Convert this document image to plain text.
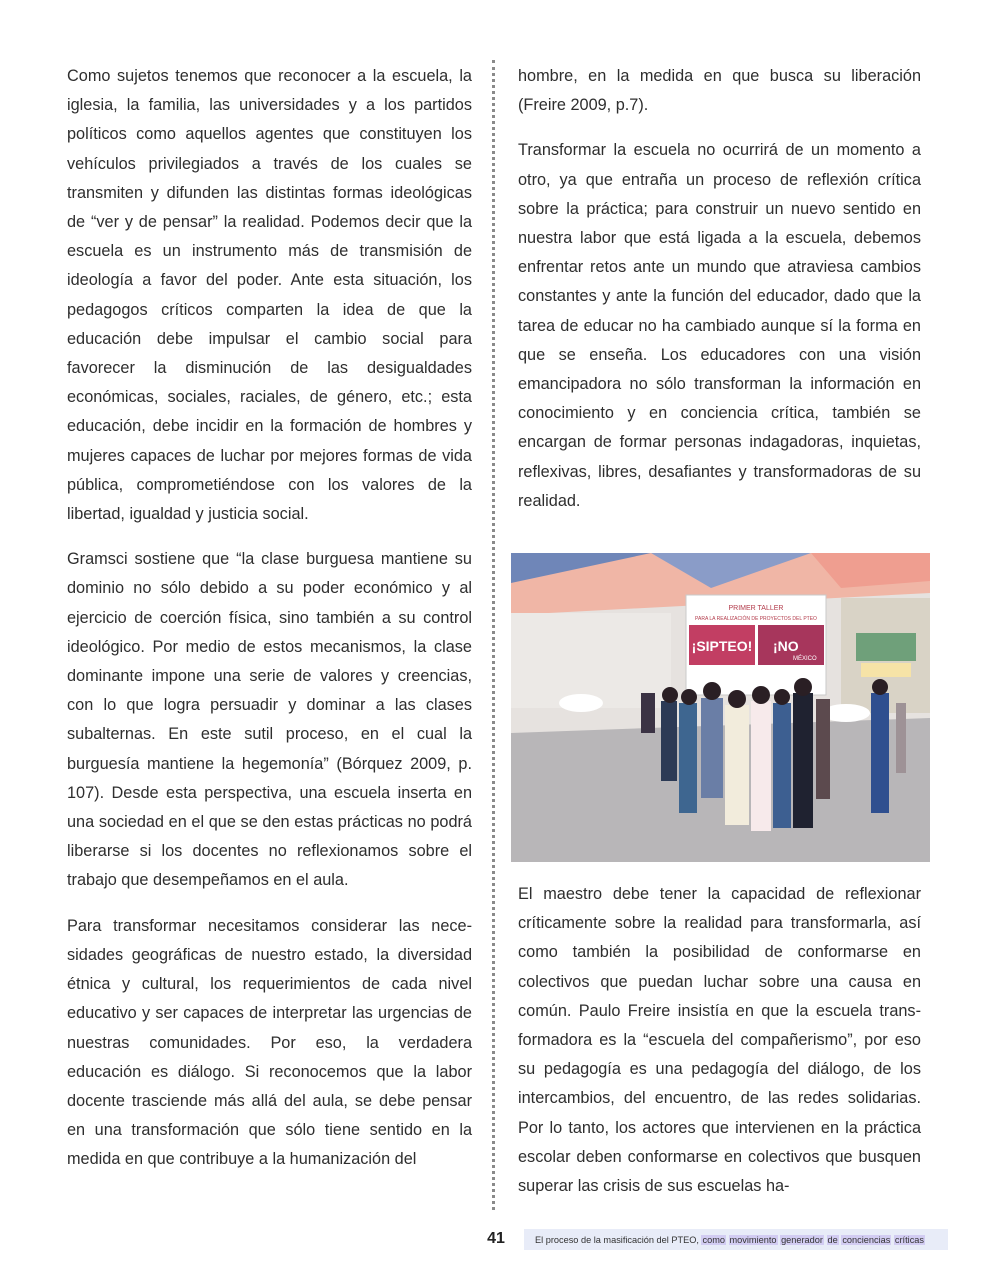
Como sujetos tenemos que reconocer a la escuela, la iglesia, la familia, las universidades y a los partidos políticos como aquellos agentes que constituyen los vehículos privilegiados a través de los cuales se transmiten y difunden las distintas formas ideológicas de “ver y de pensar” la realidad. Podemos decir que la escuela es un instrumento más de transmisión de ideología a favor del poder. Ante esta situación, los pedagogos críticos comparten la idea de que la educación debe impulsar el cambio social para favorecer la disminución de las desigualdades económicas, sociales, raciales, de género, etc.; esta educación, debe incidir en la formación de hombres y mujeres capaces de luchar por mejores formas de vida pública, comprometiéndose con los valores de la libertad, igualdad y justicia social.

Gramsci sostiene que “la clase burguesa mantiene su dominio no sólo debido a su poder económico y al ejercicio de coerción física, sino también a su control ideológico. Por medio de estos mecanismos, la clase dominante impone una serie de valores y creencias, con lo que logra persuadir y dominar a las clases subalternas. En este sutil proceso, en el cual la burguesía mantiene la hegemonía” (Bórquez 2009, p. 107). Desde esta perspectiva, una escuela inserta en una sociedad en el que se den estas prácticas no podrá liberarse si los docentes no reflexionamos sobre el trabajo que desempeñamos en el aula.

Para transformar necesitamos considerar las necesidades geográficas de nuestro estado, la diversidad étnica y cultural, los requerimientos de cada nivel educativo y ser capaces de interpretar las urgencias de nuestras comunidades. Por eso, la verdadera educación es diálogo. Si reconocemos que la labor docente trasciende más allá del aula, se debe pensar en una transformación que sólo tiene sentido en la medida en que contribuye a la humanización del

hombre, en la medida en que busca su liberación (Freire 2009, p.7).

Transformar la escuela no ocurrirá de un momento a otro, ya que entraña un proceso de reflexión crítica sobre la práctica; para construir un nuevo sentido en nuestra labor que está ligada a la escuela, debemos enfrentar retos ante un mundo que atraviesa cambios constantes y ante la función del educador, dado que la tarea de educar no ha cambiado aunque sí la forma en que se enseña. Los educadores con una visión emancipadora no sólo transforman la información en conocimiento y en conciencia crítica, también se encargan de formar personas indagadoras, inquietas, reflexivas, libres, desafiantes y transformadoras de su realidad.

PRIMER TALLER
PARA LA REALIZACIÓN DE PROYECTOS DEL PTEO
¡SIPTEO! ¡NO
MÉXICO

El maestro debe tener la capacidad de reflexionar críticamente sobre la realidad para transformarla, así como también la posibilidad de conformarse en colectivos que puedan luchar sobre una causa en común. Paulo Freire insistía en que la escuela transformadora es la “escuela del compañerismo”, por eso su pedagogía es una pedagogía del diálogo, de los intercambios, del encuentro, de las redes solidarias. Por lo tanto, los actores que intervienen en la práctica escolar deben conformarse en colectivos que busquen superar las crisis de sus escuelas ha-

41	El proceso de la masificación del PTEO, como movimiento generador de conciencias críticas
